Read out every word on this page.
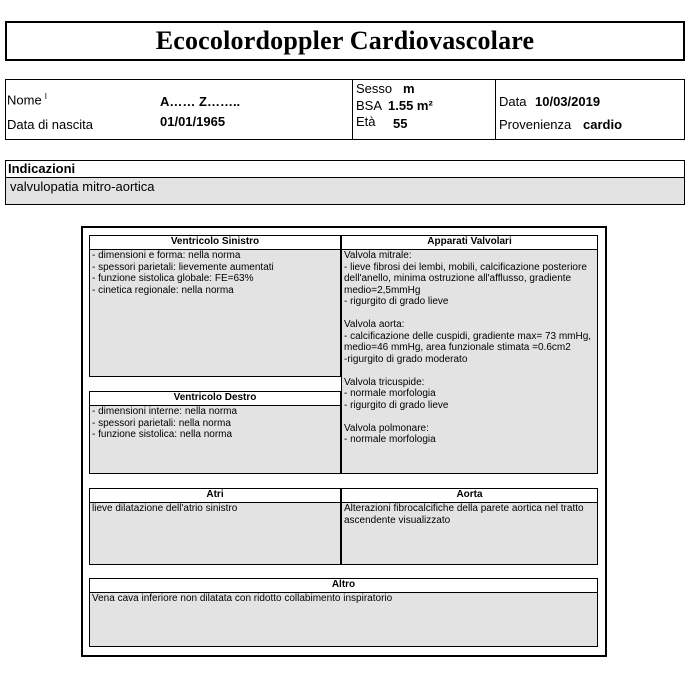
Ecocolordoppler Cardiovascolare
Nome $^I$	A…… Z……..
Data di nascita	01/01/1965
Sesso m
BSA 1.55 m²
Età 55
Data 10/03/2019
Provenienza cardio
Indicazioni
valvulopatia mitro-aortica
Ventricolo Sinistro
- dimensioni e forma: nella norma
- spessori parietali: lievemente aumentati
- funzione sistolica globale: FE=63%
- cinetica regionale: nella norma
Ventricolo Destro
- dimensioni interne: nella norma
- spessori parietali: nella norma
- funzione sistolica: nella norma
Apparati Valvolari
Valvola mitrale:
- lieve fibrosi dei lembi, mobili, calcificazione posteriore dell'anello, minima ostruzione all'afflusso, gradiente medio=2,5mmHg
- rigurgito di grado lieve

Valvola aorta:
- calcificazione delle cuspidi, gradiente max= 73 mmHg, medio=46 mmHg, area funzionale stimata =0.6cm2
-rigurgito di grado moderato

Valvola tricuspide:
- normale morfologia
- rigurgito di grado lieve

Valvola polmonare:
- normale morfologia
Atri
lieve dilatazione dell'atrio sinistro
Aorta
Alterazioni fibrocalcifiche della parete aortica nel tratto ascendente visualizzato
Altro
Vena cava inferiore non dilatata con ridotto collabimento inspiratorio
